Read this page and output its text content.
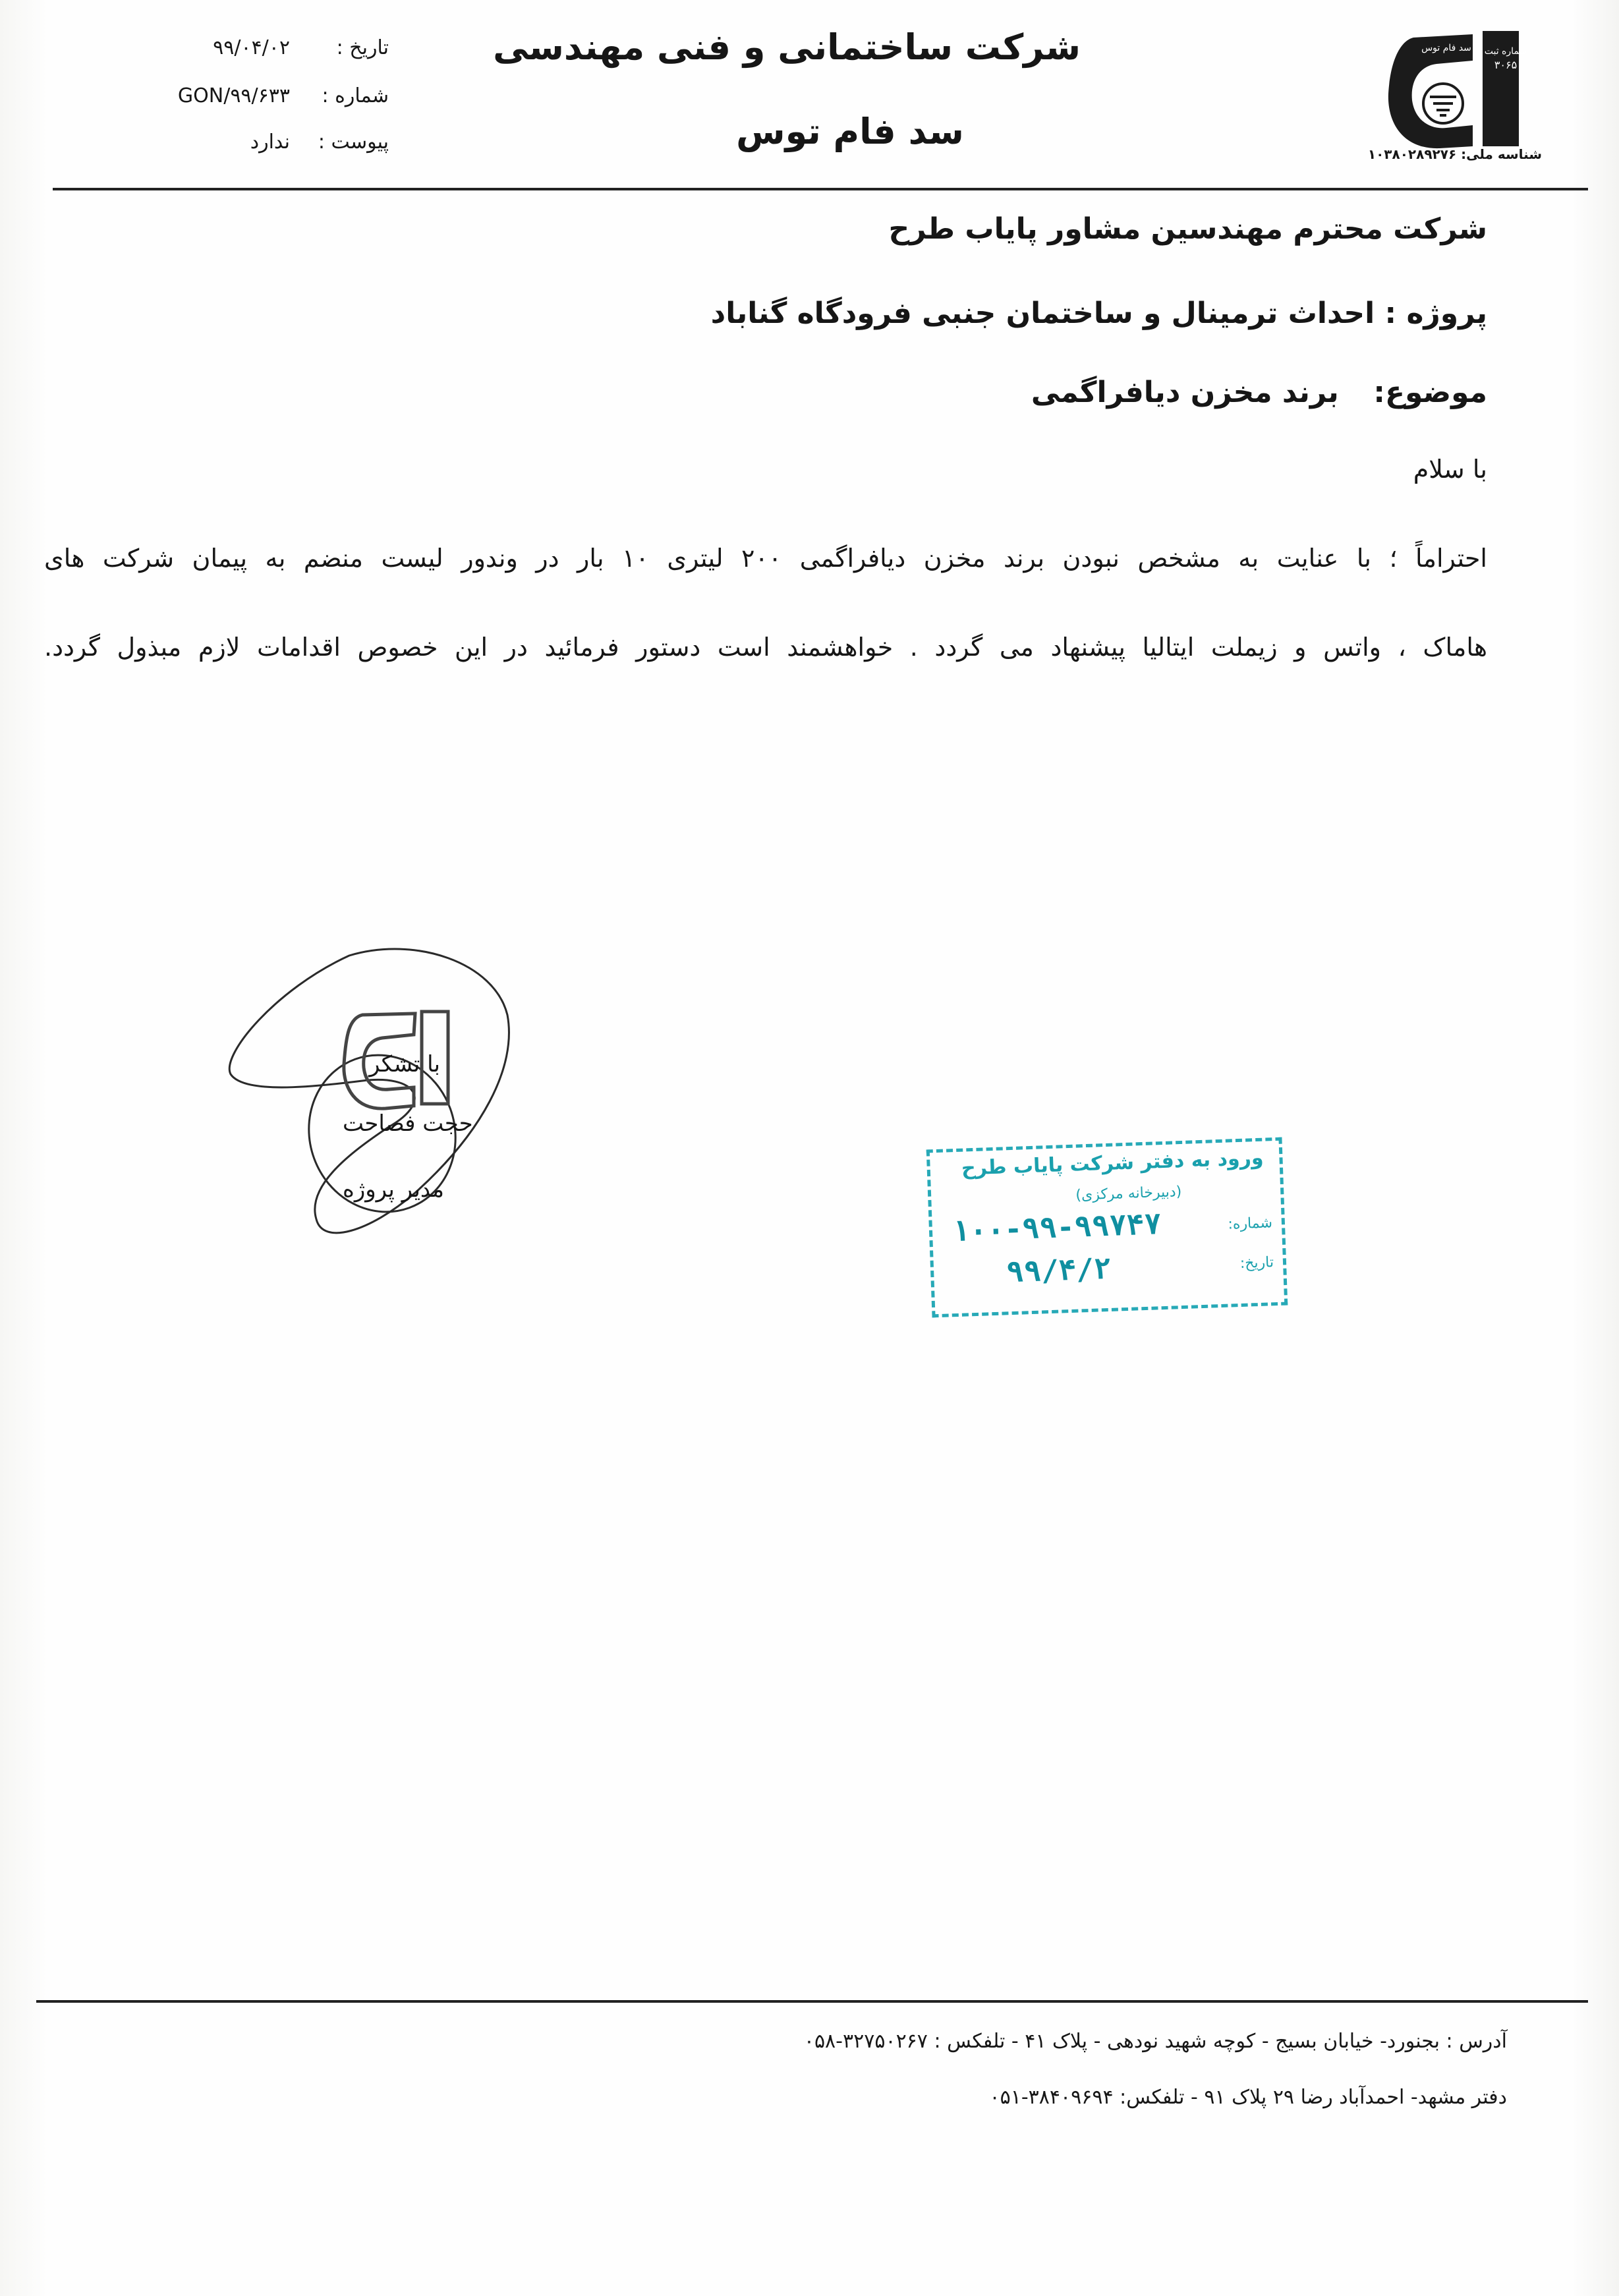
تاریخ :
۹۹/۰۴/۰۲
شماره :
GON/۹۹/۶۳۳
پیوست :
ندارد
شرکت ساختمانی و فنی مهندسی
سد فام توس
شماره ثبت
۳۰۶۵
سد فام توس
شناسه ملی: ۱۰۳۸۰۲۸۹۲۷۶
شرکت محترم مهندسین مشاور پایاب طرح
پروژه : احداث ترمینال و ساختمان جنبی فرودگاه گناباد
موضوع:  برند مخزن دیافراگمی
با سلام
احتراماً ؛ با عنایت به مشخص نبودن برند مخزن دیافراگمی ۲۰۰ لیتری ۱۰ بار در وندور لیست منضم به پیمان شرکت های
هاماک ، واتس و زیملت ایتالیا پیشنهاد می گردد . خواهشمند است دستور فرمائید در این خصوص اقدامات لازم مبذول گردد.
با تشکر
حجت فصاحت
مدیر پروژه
ورود به دفتر شرکت پایاب طرح
(دبیرخانه مرکزی)
شماره:
۱۰۰-۹۹-۹۹۷۴۷
تاریخ:
۹۹/۴/۲
آدرس : بجنورد- خیابان بسیج - کوچه شهید نودهی - پلاک ۴۱ - تلفکس : ۳۲۷۵۰۲۶۷-۰۵۸
دفتر مشهد- احمدآباد رضا ۲۹ پلاک ۹۱ - تلفکس: ۳۸۴۰۹۶۹۴-۰۵۱
